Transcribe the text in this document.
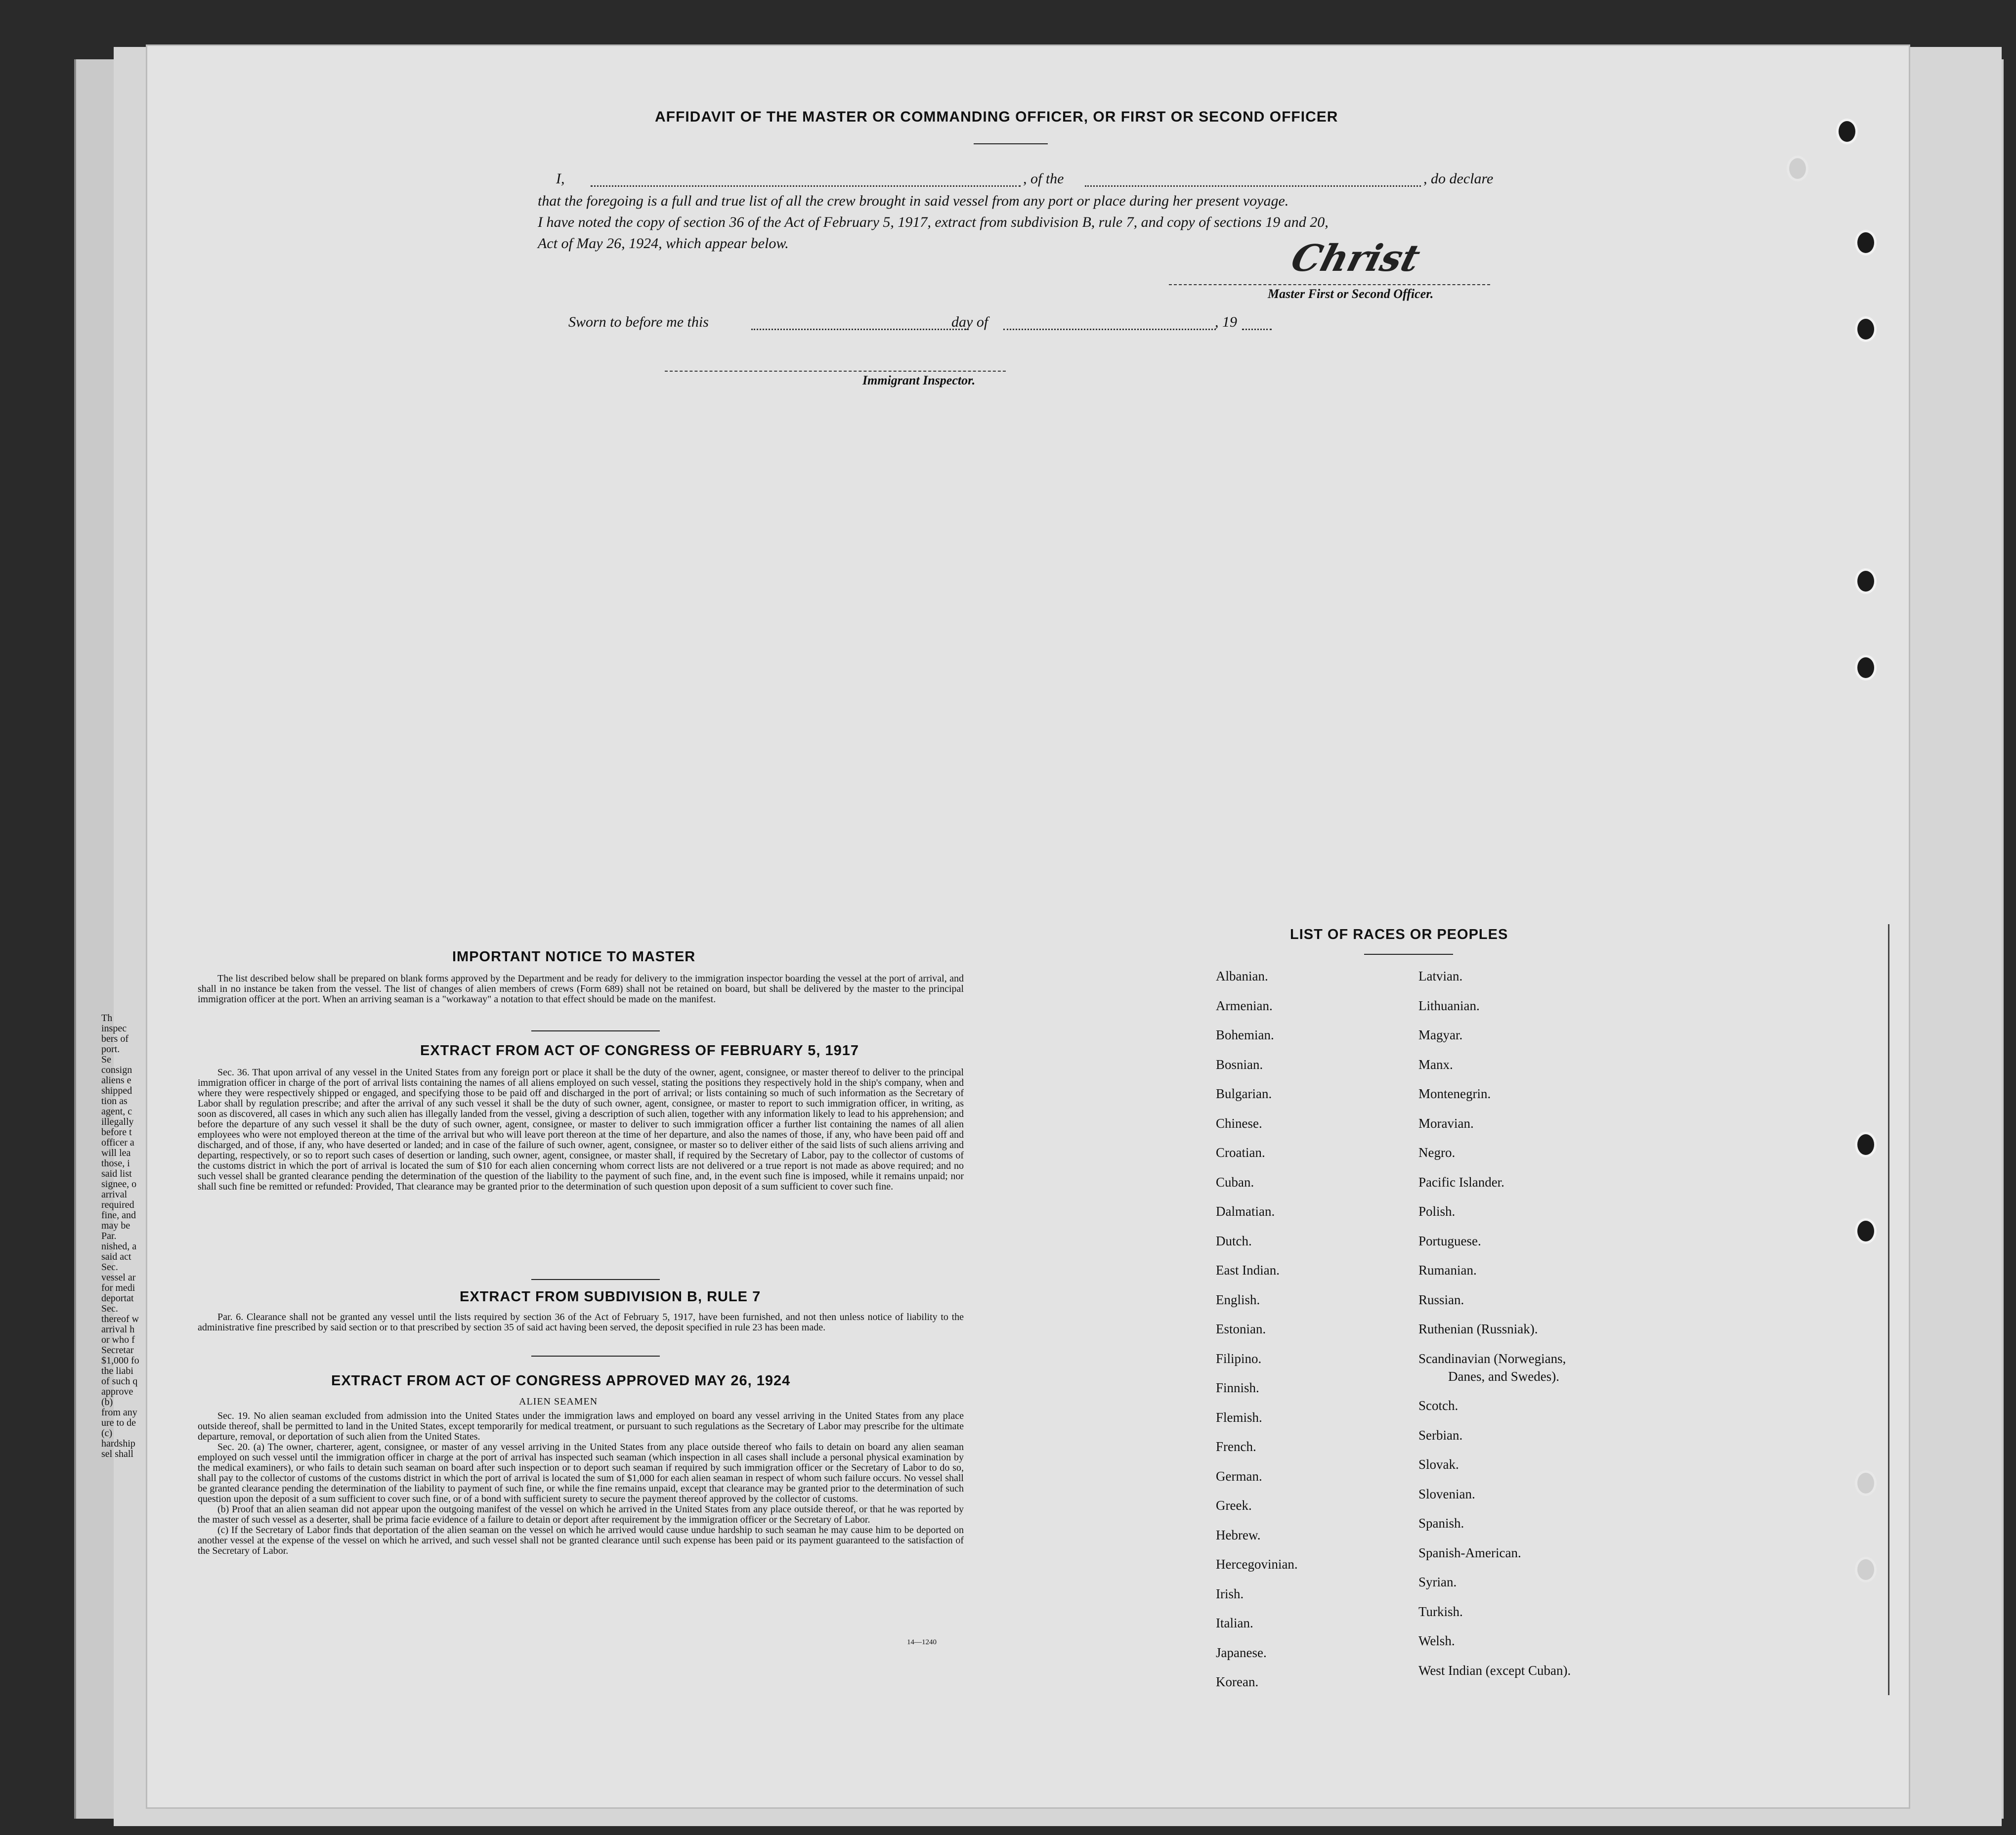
Th
inspec
bers of
port.
Se
consign
aliens e
shipped
tion as
agent, c
illegally
before t
officer a
will lea
those, i
said list
signee, o
arrival
required
fine, and
may be
Par.
nished, a
said act
Sec.
vessel ar
for medi
deportat
Sec.
thereof w
arrival h
or who f
Secretar
$1,000 fo
the liabi
of such q
approve
(b)
from any
ure to de
(c)
hardship
sel shall
AFFIDAVIT OF THE MASTER OR COMMANDING OFFICER, OR FIRST OR SECOND OFFICER
I,	, of the	, do declare
that the foregoing is a full and true list of all the crew brought in said vessel from any port or place during her present voyage.
I have noted the copy of section 36 of the Act of February 5, 1917, extract from subdivision B, rule 7, and copy of sections 19 and 20,
Act of May 26, 1924, which appear below.	Christ
Master First or Second Officer.
Sworn to before me this	day of	, 19
Immigrant Inspector.
IMPORTANT NOTICE TO MASTER

The list described below shall be prepared on blank forms approved by the Department and be ready for delivery to the immigration inspector boarding the vessel at the port of arrival, and shall in no instance be taken from the vessel. The list of changes of alien members of crews (Form 689) shall not be retained on board, but shall be delivered by the master to the principal immigration officer at the port. When an arriving seaman is a "workaway" a notation to that effect should be made on the manifest.

EXTRACT FROM ACT OF CONGRESS OF FEBRUARY 5, 1917

Sec. 36. That upon arrival of any vessel in the United States from any foreign port or place it shall be the duty of the owner, agent, consignee, or master thereof to deliver to the principal immigration officer in charge of the port of arrival lists containing the names of all aliens employed on such vessel, stating the positions they respectively hold in the ship's company, when and where they were respectively shipped or engaged, and specifying those to be paid off and discharged in the port of arrival; or lists containing so much of such information as the Secretary of Labor shall by regulation prescribe; and after the arrival of any such vessel it shall be the duty of such owner, agent, consignee, or master to report to such immigration officer, in writing, as soon as discovered, all cases in which any such alien has illegally landed from the vessel, giving a description of such alien, together with any information likely to lead to his apprehension; and before the departure of any such vessel it shall be the duty of such owner, agent, consignee, or master to deliver to such immigration officer a further list containing the names of all alien employees who were not employed thereon at the time of the arrival but who will leave port thereon at the time of her departure, and also the names of those, if any, who have been paid off and discharged, and of those, if any, who have deserted or landed; and in case of the failure of such owner, agent, consignee, or master so to deliver either of the said lists of such aliens arriving and departing, respectively, or so to report such cases of desertion or landing, such owner, agent, consignee, or master shall, if required by the Secretary of Labor, pay to the collector of customs of the customs district in which the port of arrival is located the sum of $10 for each alien concerning whom correct lists are not delivered or a true report is not made as above required; and no such vessel shall be granted clearance pending the determination of the question of the liability to the payment of such fine, and, in the event such fine is imposed, while it remains unpaid; nor shall such fine be remitted or refunded: Provided, That clearance may be granted prior to the determination of such question upon deposit of a sum sufficient to cover such fine.

EXTRACT FROM SUBDIVISION B, RULE 7

Par. 6. Clearance shall not be granted any vessel until the lists required by section 36 of the Act of February 5, 1917, have been furnished, and not then unless notice of liability to the administrative fine prescribed by said section or to that prescribed by section 35 of said act having been served, the deposit specified in rule 23 has been made.

EXTRACT FROM ACT OF CONGRESS APPROVED MAY 26, 1924
ALIEN SEAMEN

Sec. 19. No alien seaman excluded from admission into the United States under the immigration laws and employed on board any vessel arriving in the United States from any place outside thereof, shall be permitted to land in the United States, except temporarily for medical treatment, or pursuant to such regulations as the Secretary of Labor may prescribe for the ultimate departure, removal, or deportation of such alien from the United States.

Sec. 20. (a) The owner, charterer, agent, consignee, or master of any vessel arriving in the United States from any place outside thereof who fails to detain on board any alien seaman employed on such vessel until the immigration officer in charge at the port of arrival has inspected such seaman (which inspection in all cases shall include a personal physical examination by the medical examiners), or who fails to detain such seaman on board after such inspection or to deport such seaman if required by such immigration officer or the Secretary of Labor to do so, shall pay to the collector of customs of the customs district in which the port of arrival is located the sum of $1,000 for each alien seaman in respect of whom such failure occurs. No vessel shall be granted clearance pending the determination of the liability to payment of such fine, or while the fine remains unpaid, except that clearance may be granted prior to the determination of such question upon the deposit of a sum sufficient to cover such fine, or of a bond with sufficient surety to secure the payment thereof approved by the collector of customs.

(b) Proof that an alien seaman did not appear upon the outgoing manifest of the vessel on which he arrived in the United States from any place outside thereof, or that he was reported by the master of such vessel as a deserter, shall be prima facie evidence of a failure to detain or deport after requirement by the immigration officer or the Secretary of Labor.

(c) If the Secretary of Labor finds that deportation of the alien seaman on the vessel on which he arrived would cause undue hardship to such seaman he may cause him to be deported on another vessel at the expense of the vessel on which he arrived, and such vessel shall not be granted clearance until such expense has been paid or its payment guaranteed to the satisfaction of the Secretary of Labor.

14—1240
LIST OF RACES OR PEOPLES
Albanian.
Armenian.
Bohemian.
Bosnian.
Bulgarian.
Chinese.
Croatian.
Cuban.
Dalmatian.
Dutch.
East Indian.
English.
Estonian.
Filipino.
Finnish.
Flemish.
French.
German.
Greek.
Hebrew.
Hercegovinian.
Irish.
Italian.
Japanese.
Korean.
Latvian.
Lithuanian.
Magyar.
Manx.
Montenegrin.
Moravian.
Negro.
Pacific Islander.
Polish.
Portuguese.
Rumanian.
Russian.
Ruthenian (Russniak).
Scandinavian (Norwegians,
Danes, and Swedes).
Scotch.
Serbian.
Slovak.
Slovenian.
Spanish.
Spanish-American.
Syrian.
Turkish.
Welsh.
West Indian (except Cuban).
